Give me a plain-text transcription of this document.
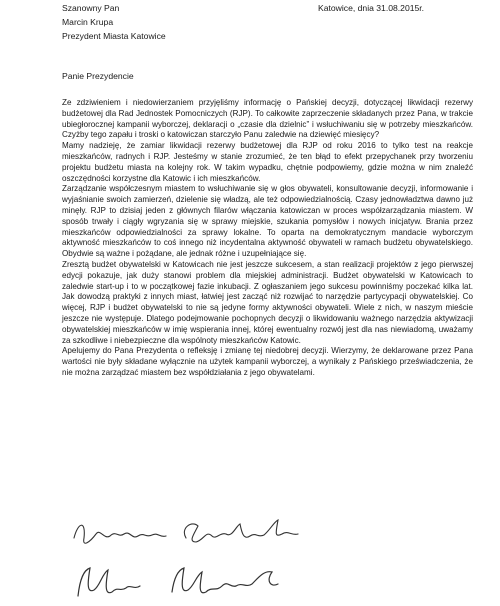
Szanowny Pan
Marcin Krupa
Prezydent Miasta Katowice
Katowice, dnia 31.08.2015r.
Panie Prezydencie

Ze zdziwieniem i niedowierzaniem przyjęliśmy informację o Pańskiej decyzji, dotyczącej likwidacji rezerwy budżetowej dla Rad Jednostek Pomocniczych (RJP). To całkowite zaprzeczenie składanych przez Pana, w trakcie ubiegłorocznej kampanii wyborczej, deklaracji o „czasie dla dzielnic” i wsłuchiwaniu się w potrzeby mieszkańców. Czyżby tego zapału i troski o katowiczan starczyło Panu zaledwie na dziewięć miesięcy?

Mamy nadzieję, że zamiar likwidacji rezerwy budżetowej dla RJP od roku 2016 to tylko test na reakcje mieszkańców, radnych i RJP. Jesteśmy w stanie zrozumieć, że ten błąd to efekt przepychanek przy tworzeniu projektu budżetu miasta na kolejny rok. W takim wypadku, chętnie podpowiemy, gdzie można w nim znaleźć oszczędności korzystne dla Katowic i ich mieszkańców.

Zarządzanie współczesnym miastem to wsłuchiwanie się w głos obywateli, konsultowanie decyzji, informowanie i wyjaśnianie swoich zamierzeń, dzielenie się władzą, ale też odpowiedzialnością. Czasy jednowładztwa dawno już minęły. RJP to dzisiaj jeden z głównych filarów włączania katowiczan w proces współzarządzania miastem. W sposób trwały i ciągły wgryzania się w sprawy miejskie, szukania pomysłów i nowych inicjatyw. Brania przez mieszkańców odpowiedzialności za sprawy lokalne. To oparta na demokratycznym mandacie wyborczym aktywność mieszkańców to coś innego niż incydentalna aktywność obywateli w ramach budżetu obywatelskiego. Obydwie są ważne i pożądane, ale jednak różne i uzupełniające się.

Zresztą budżet obywatelski w Katowicach nie jest jeszcze sukcesem, a stan realizacji projektów z jego pierwszej edycji pokazuje, jak duży stanowi problem dla miejskiej administracji. Budżet obywatelski w Katowicach to zaledwie start-up i to w początkowej fazie inkubacji. Z ogłaszaniem jego sukcesu powinniśmy poczekać kilka lat. Jak dowodzą praktyki z innych miast, łatwiej jest zacząć niż rozwijać to narzędzie partycypacji obywatelskiej. Co więcej, RJP i budżet obywatelski to nie są jedyne formy aktywności obywateli. Wiele z nich, w naszym mieście jeszcze nie występuje. Dlatego podejmowanie pochopnych decyzji o likwidowaniu ważnego narzędzia aktywizacji obywatelskiej mieszkańców w imię wspierania innej, której ewentualny rozwój jest dla nas niewiadomą, uważamy za szkodliwe i niebezpieczne dla wspólnoty mieszkańców Katowic.

Apelujemy do Pana Prezydenta o refleksję i zmianę tej niedobrej decyzji. Wierzymy, że deklarowane przez Pana wartości nie były składane wyłącznie na użytek kampanii wyborczej, a wynikały z Pańskiego przeświadczenia, że nie można zarządzać miastem bez współdziałania z jego obywatelami.
